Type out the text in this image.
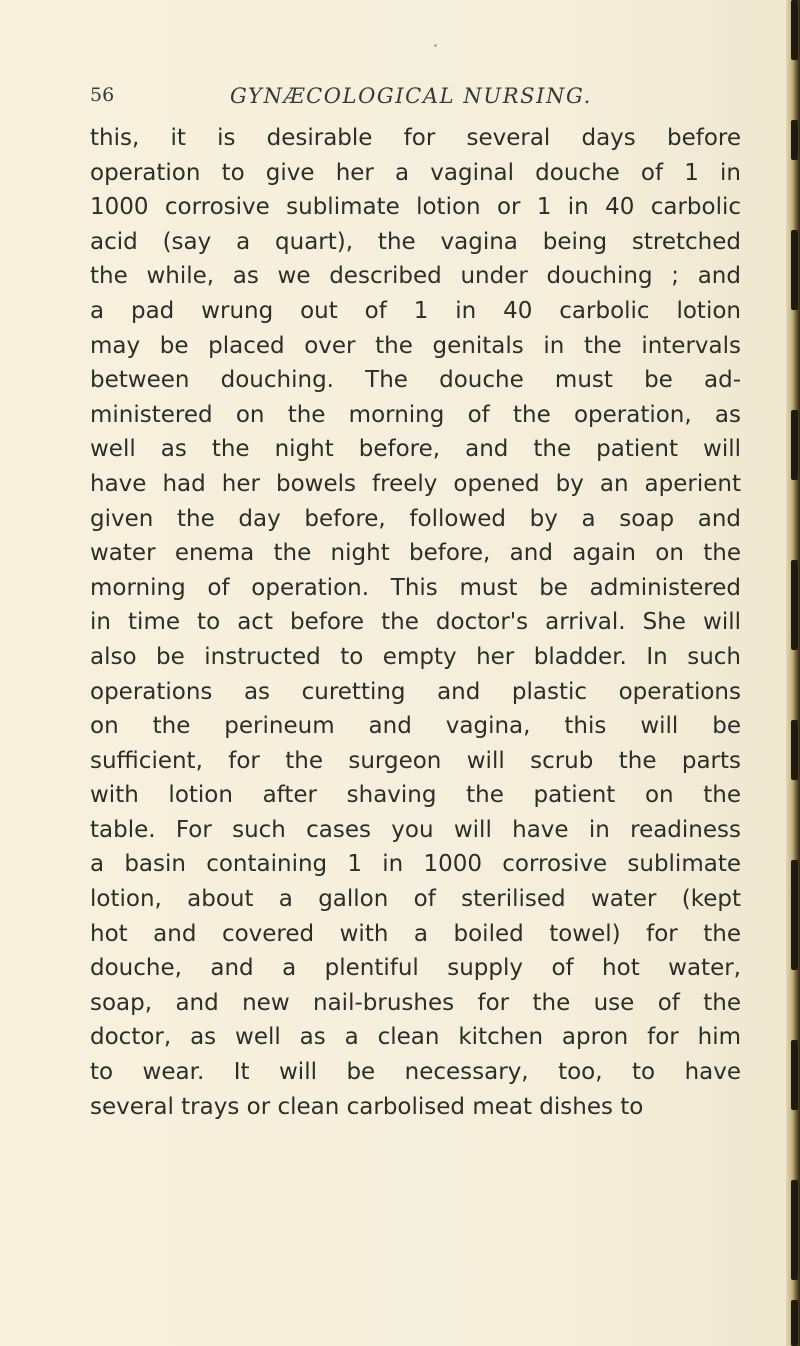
56	GYNÆCOLOGICAL NURSING.
this, it is desirable for several days before
operation to give her a vaginal douche of 1 in
1000 corrosive sublimate lotion or 1 in 40 carbolic
acid (say a quart), the vagina being stretched
the while, as we described under douching ; and
a pad wrung out of 1 in 40 carbolic lotion
may be placed over the genitals in the intervals
between douching. The douche must be ad-
ministered on the morning of the operation, as
well as the night before, and the patient will
have had her bowels freely opened by an aperient
given the day before, followed by a soap and
water enema the night before, and again on the
morning of operation. This must be administered
in time to act before the doctor's arrival. She will
also be instructed to empty her bladder. In such
operations as curetting and plastic operations
on the perineum and vagina, this will be
sufficient, for the surgeon will scrub the parts
with lotion after shaving the patient on the
table. For such cases you will have in readiness
a basin containing 1 in 1000 corrosive sublimate
lotion, about a gallon of sterilised water (kept
hot and covered with a boiled towel) for the
douche, and a plentiful supply of hot water,
soap, and new nail-brushes for the use of the
doctor, as well as a clean kitchen apron for him
to wear. It will be necessary, too, to have
several trays or clean carbolised meat dishes to
